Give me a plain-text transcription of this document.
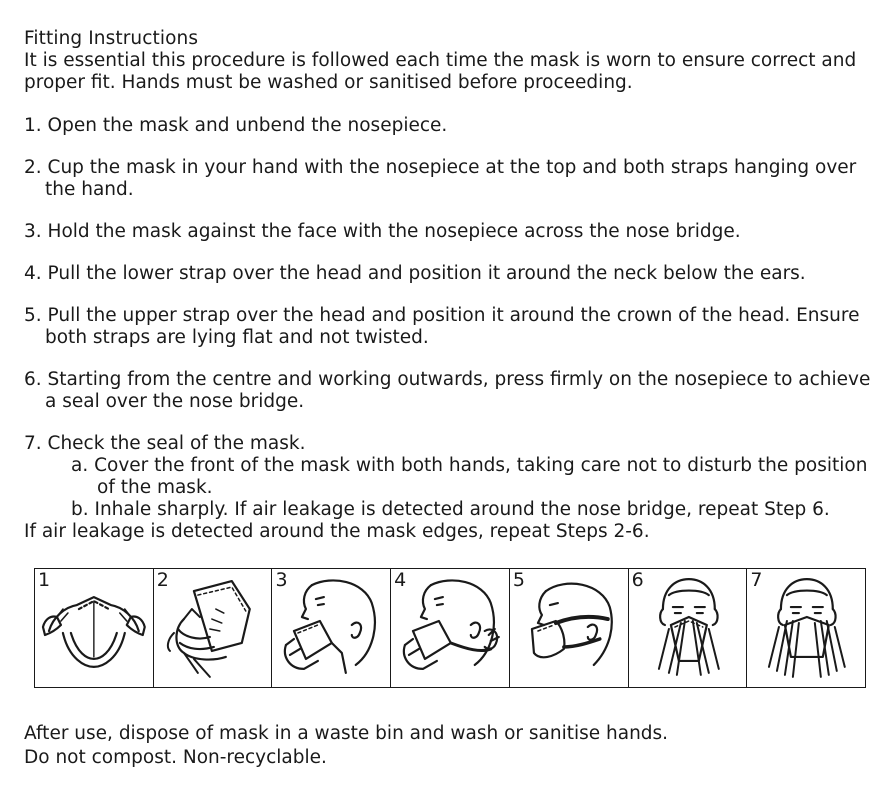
Fitting Instructions

It is essential this procedure is followed each time the mask is worn to ensure correct and proper fit. Hands must be washed or sanitised before proceeding.

1. Open the mask and unbend the nosepiece.
2. Cup the mask in your hand with the nosepiece at the top and both straps hanging over the hand.
3. Hold the mask against the face with the nosepiece across the nose bridge.
4. Pull the lower strap over the head and position it around the neck below the ears.
5. Pull the upper strap over the head and position it around the crown of the head. Ensure both straps are lying flat and not twisted.
6. Starting from the centre and working outwards, press firmly on the nosepiece to achieve a seal over the nose bridge.
7. Check the seal of the mask.
a. Cover the front of the mask with both hands, taking care not to disturb the position of the mask.
b. Inhale sharply. If air leakage is detected around the nose bridge, repeat Step 6.

If air leakage is detected around the mask edges, repeat Steps 2-6.

1	2	3	4	5	6	7

After use, dispose of mask in a waste bin and wash or sanitise hands.

Do not compost. Non-recyclable.
